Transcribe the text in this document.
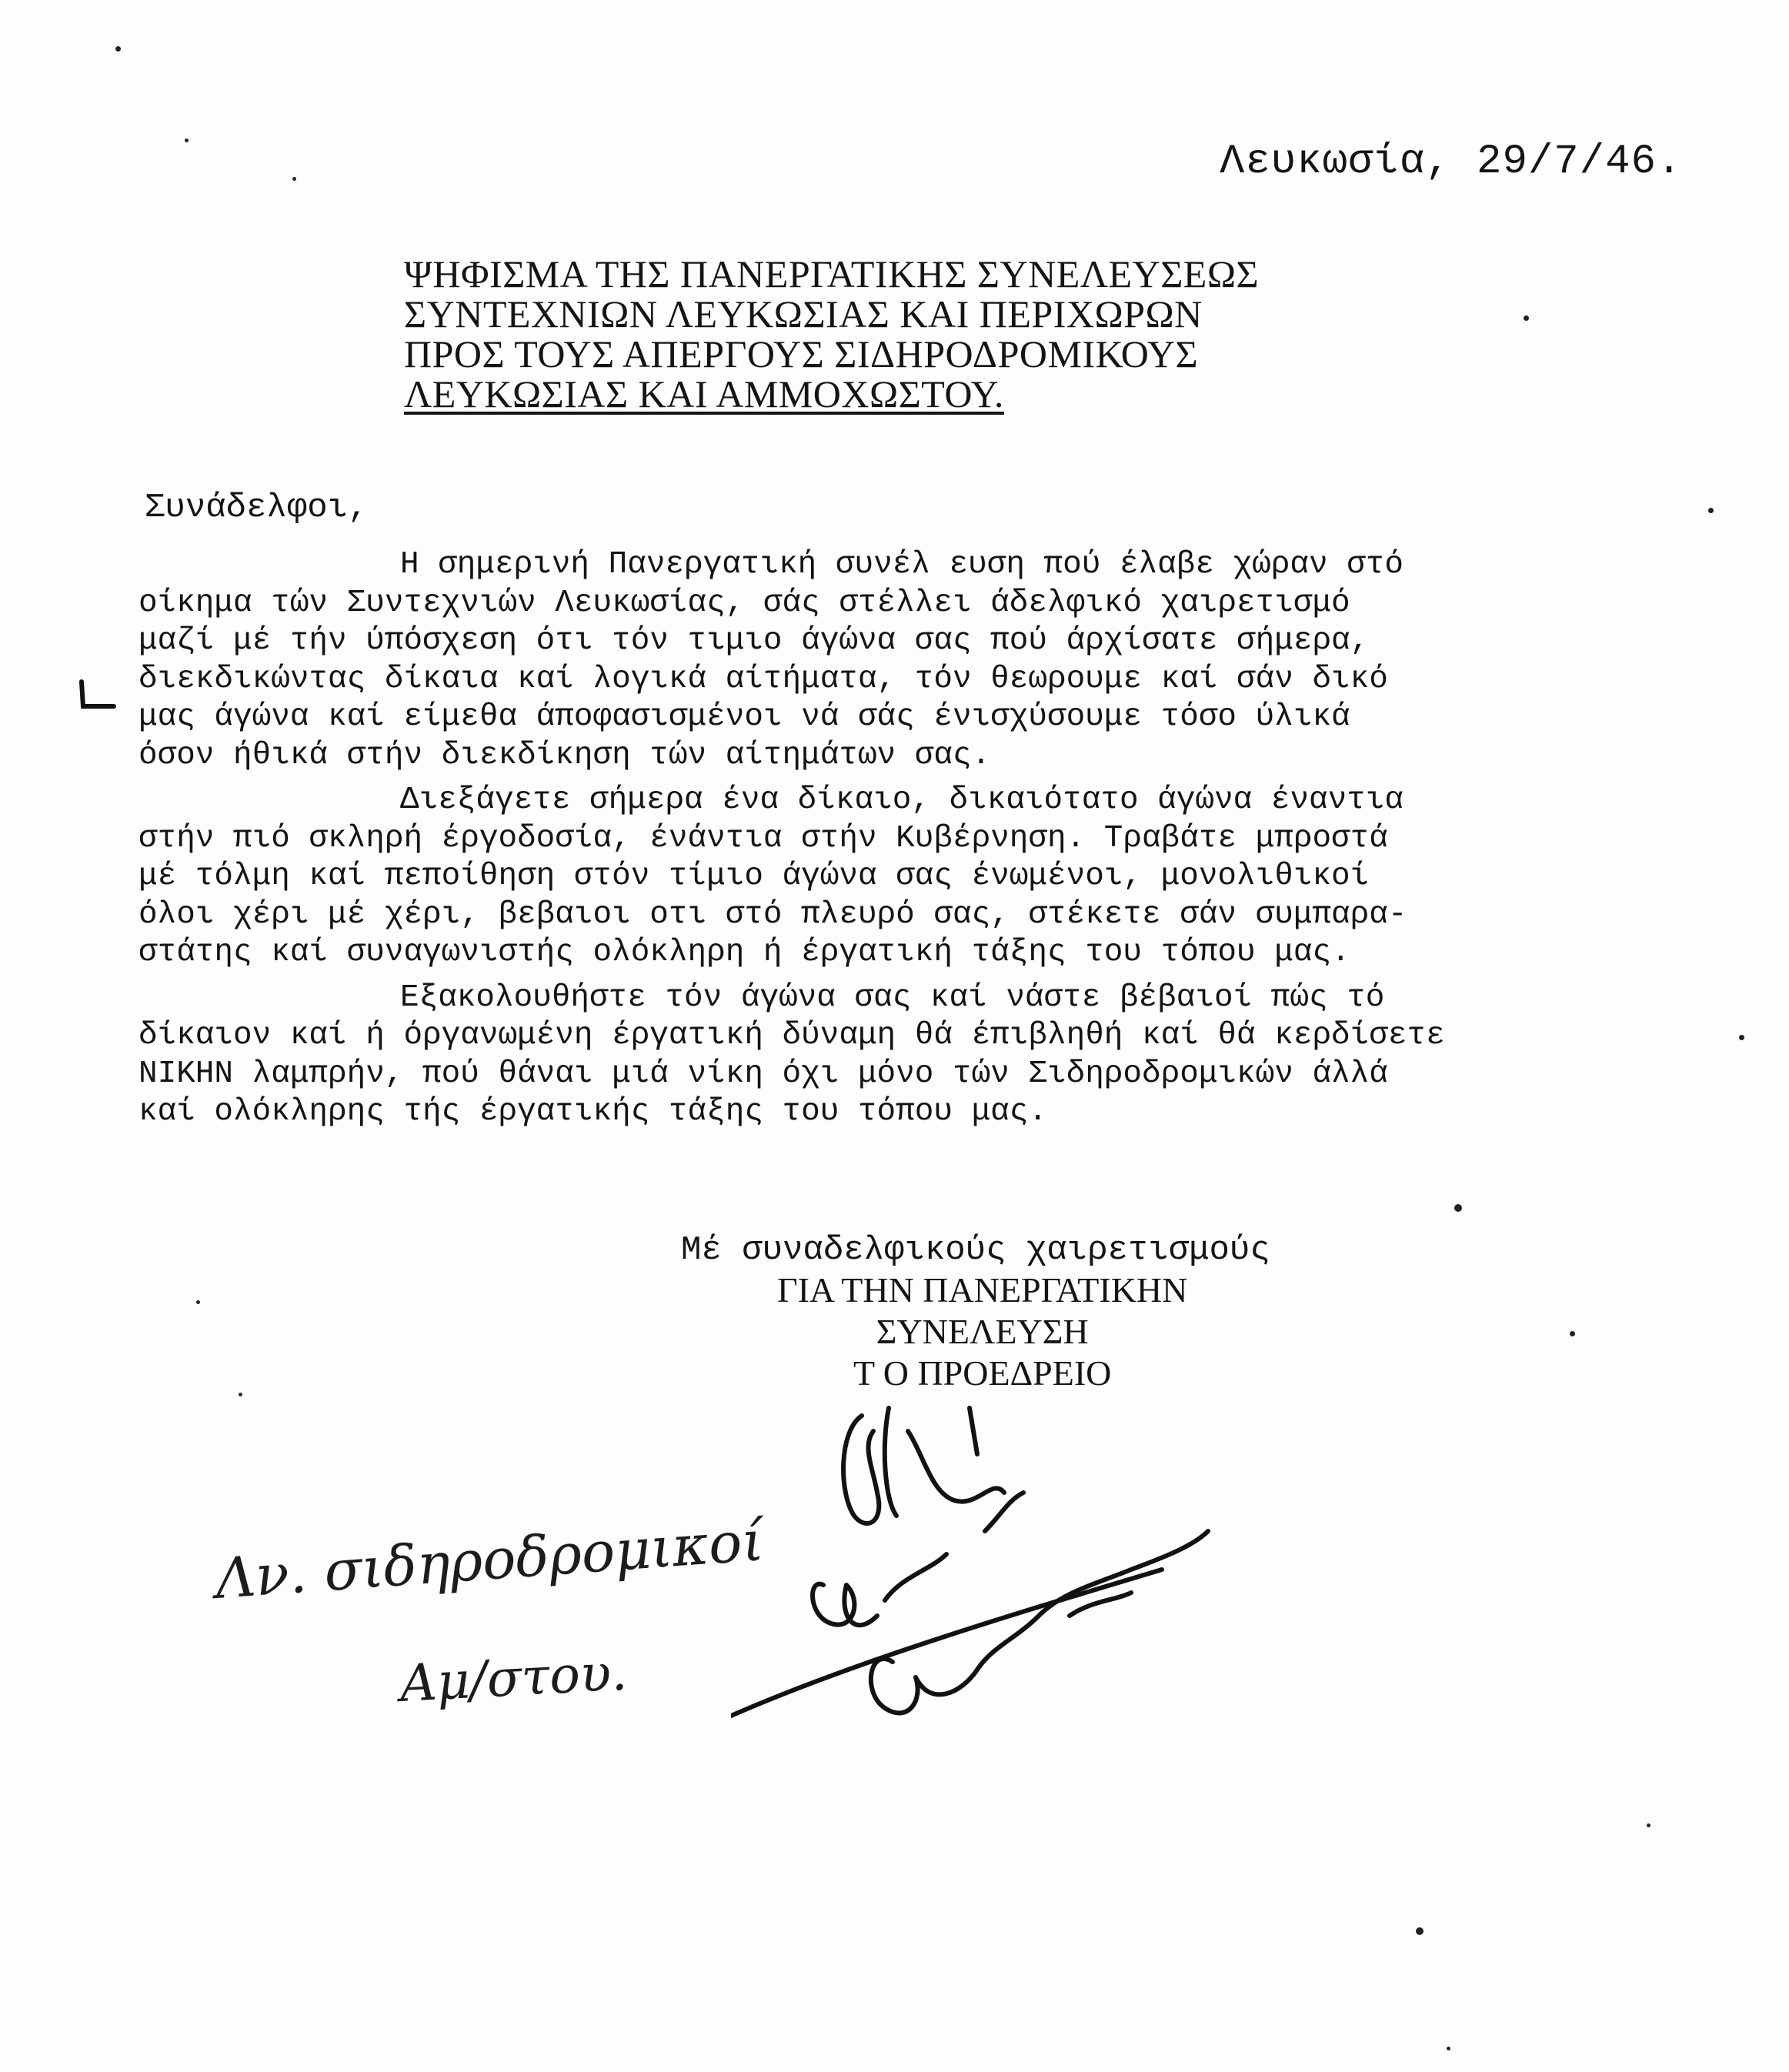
Λευκωσία, 29/7/46.
ΨΗΦΙΣΜΑ ΤΗΣ ΠΑΝΕΡΓΑΤΙΚΗΣ ΣΥΝΕΛΕΥΣΕΩΣ
ΣΥΝΤΕΧΝΙΩΝ ΛΕΥΚΩΣΙΑΣ ΚΑΙ ΠΕΡΙΧΩΡΩΝ
ΠΡΟΣ ΤΟΥΣ ΑΠΕΡΓΟΥΣ ΣΙΔΗΡΟΔΡΟΜΙΚΟΥΣ
ΛΕΥΚΩΣΙΑΣ ΚΑΙ ΑΜΜΟΧΩΣΤΟΥ.
Συνάδελφοι,
Η σημερινή Πανεργατική συνέλ ευση πού έλαβε χώραν στό
οίκημα τών Συντεχνιών Λευκωσίας, σάς στέλλει άδελφικό χαιρετισμό
μαζί μέ τήν ύπόσχεση ότι τόν τιμιο άγώνα σας πού άρχίσατε σήμερα,
διεκδικώντας δίκαια καί λογικά αίτήματα, τόν θεωρουμε καί σάν δικό
μας άγώνα καί είμεθα άποφασισμένοι νά σάς ένισχύσουμε τόσο ύλικά
όσον ήθικά στήν διεκδίκηση τών αίτημάτων σας.
Διεξάγετε σήμερα ένα δίκαιο, δικαιότατο άγώνα έναντια
στήν πιό σκληρή έργοδοσία, ένάντια στήν Κυβέρνηση. Τραβάτε μπροστά
μέ τόλμη καί πεποίθηση στόν τίμιο άγώνα σας ένωμένοι, μονολιθικοί
όλοι χέρι μέ χέρι, βεβαιοι οτι στό πλευρό σας, στέκετε σάν συμπαρα-
στάτης καί συναγωνιστής ολόκληρη ή έργατική τάξης του τόπου μας.
Εξακολουθήστε τόν άγώνα σας καί νάστε βέβαιοί πώς τό
δίκαιον καί ή όργανωμένη έργατική δύναμη θά έπιβληθή καί θά κερδίσετε
ΝΙΚΗΝ λαμπρήν, πού θάναι μιά νίκη όχι μόνο τών Σιδηροδρομικών άλλά
καί ολόκληρης τής έργατικής τάξης του τόπου μας.
Μέ συναδελφικούς χαιρετισμούς
ΓΙΑ ΤΗΝ ΠΑΝΕΡΓΑΤΙΚΗΝ
ΣΥΝΕΛΕΥΣΗ
Τ Ο ΠΡΟΕΔΡΕΙΟ
Λν. σιδηροδρομικοί
Αμ/στου.
